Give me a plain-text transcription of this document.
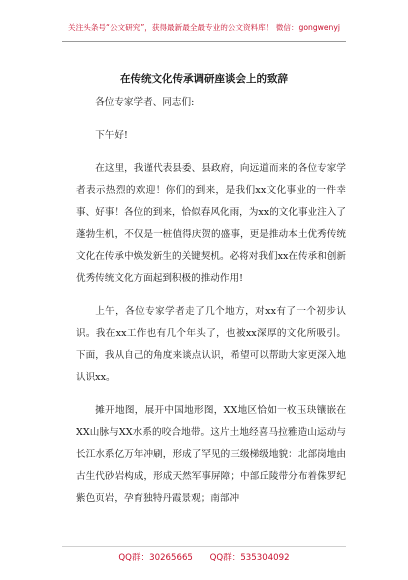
关注头条号“公文研究”，获得最新最全最专业的公文资料库！ 微信：gongwenyj
在传统文化传承调研座谈会上的致辞

各位专家学者、同志们:

下午好!

在这里，我谨代表县委、县政府，向远道而来的各位专家学者表示热烈的欢迎！你们的到来，是我们xx文化事业的一件幸事、好事！各位的到来，恰似春风化雨，为xx的文化事业注入了蓬勃生机，不仅是一桩值得庆贺的盛事，更是推动本土优秀传统文化在传承中焕发新生的关键契机。必将对我们xx在传承和创新优秀传统文化方面起到积极的推动作用!

上午，各位专家学者走了几个地方，对xx有了一个初步认识。我在xx工作也有几个年头了，也被xx深厚的文化所吸引。下面，我从自己的角度来谈点认识，希望可以帮助大家更深入地认识xx。

摊开地图，展开中国地形图，XX地区恰如一枚玉玦镶嵌在XX山脉与XX水系的咬合地带。这片土地经喜马拉雅造山运动与长江水系亿万年冲刷，形成了罕见的三级梯级地貌：北部岗地由古生代砂岩构成，形成天然军事屏障；中部丘陵带分布着侏罗纪紫色页岩，孕育独特丹霞景观；南部冲

QQ群：30265665 QQ群：535304092
